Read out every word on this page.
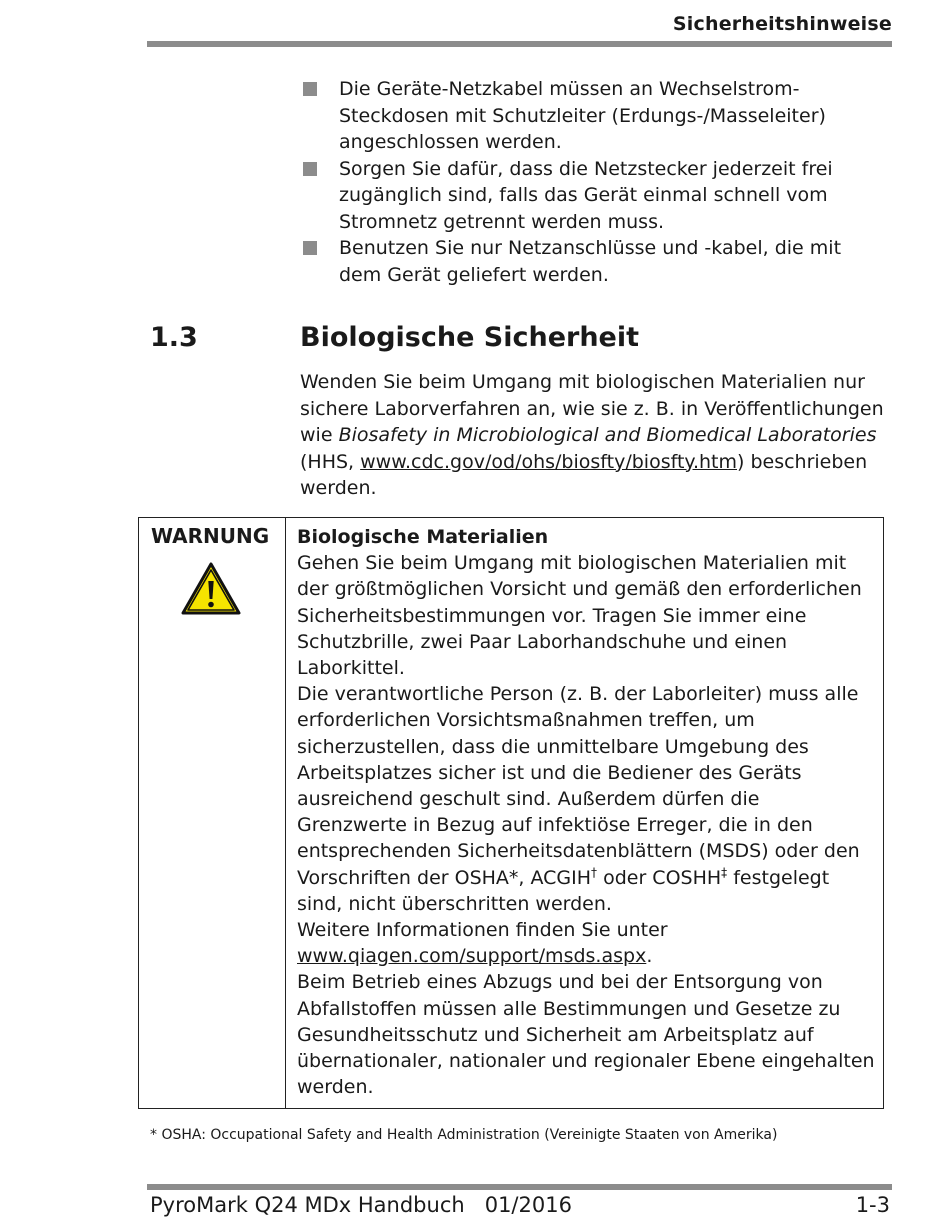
Sicherheitshinweise
Die Geräte-Netzkabel müssen an Wechselstrom-Steckdosen mit Schutzleiter (Erdungs-/Masseleiter) angeschlossen werden.
Sorgen Sie dafür, dass die Netzstecker jederzeit frei zugänglich sind, falls das Gerät einmal schnell vom Stromnetz getrennt werden muss.
Benutzen Sie nur Netzanschlüsse und -kabel, die mit dem Gerät geliefert werden.
1.3	Biologische Sicherheit
Wenden Sie beim Umgang mit biologischen Materialien nur sichere Laborverfahren an, wie sie z. B. in Veröffentlichungen wie Biosafety in Microbiological and Biomedical Laboratories (HHS, www.cdc.gov/od/ohs/biosfty/biosfty.htm) beschrieben werden.
WARNUNG Biologische Materialien
Gehen Sie beim Umgang mit biologischen Materialien mit der größtmöglichen Vorsicht und gemäß den erforderlichen Sicherheitsbestimmungen vor. Tragen Sie immer eine Schutzbrille, zwei Paar Laborhandschuhe und einen Laborkittel.
Die verantwortliche Person (z. B. der Laborleiter) muss alle erforderlichen Vorsichtsmaßnahmen treffen, um sicherzustellen, dass die unmittelbare Umgebung des Arbeitsplatzes sicher ist und die Bediener des Geräts ausreichend geschult sind. Außerdem dürfen die Grenzwerte in Bezug auf infektiöse Erreger, die in den entsprechenden Sicherheitsdatenblättern (MSDS) oder den Vorschriften der OSHA*, ACGIH† oder COSHH‡ festgelegt sind, nicht überschritten werden.
Weitere Informationen finden Sie unter
www.qiagen.com/support/msds.aspx.
Beim Betrieb eines Abzugs und bei der Entsorgung von Abfallstoffen müssen alle Bestimmungen und Gesetze zu Gesundheitsschutz und Sicherheit am Arbeitsplatz auf übernationaler, nationaler und regionaler Ebene eingehalten werden.
* OSHA: Occupational Safety and Health Administration (Vereinigte Staaten von Amerika)
PyroMark Q24 MDx Handbuch   01/2016	1-3
